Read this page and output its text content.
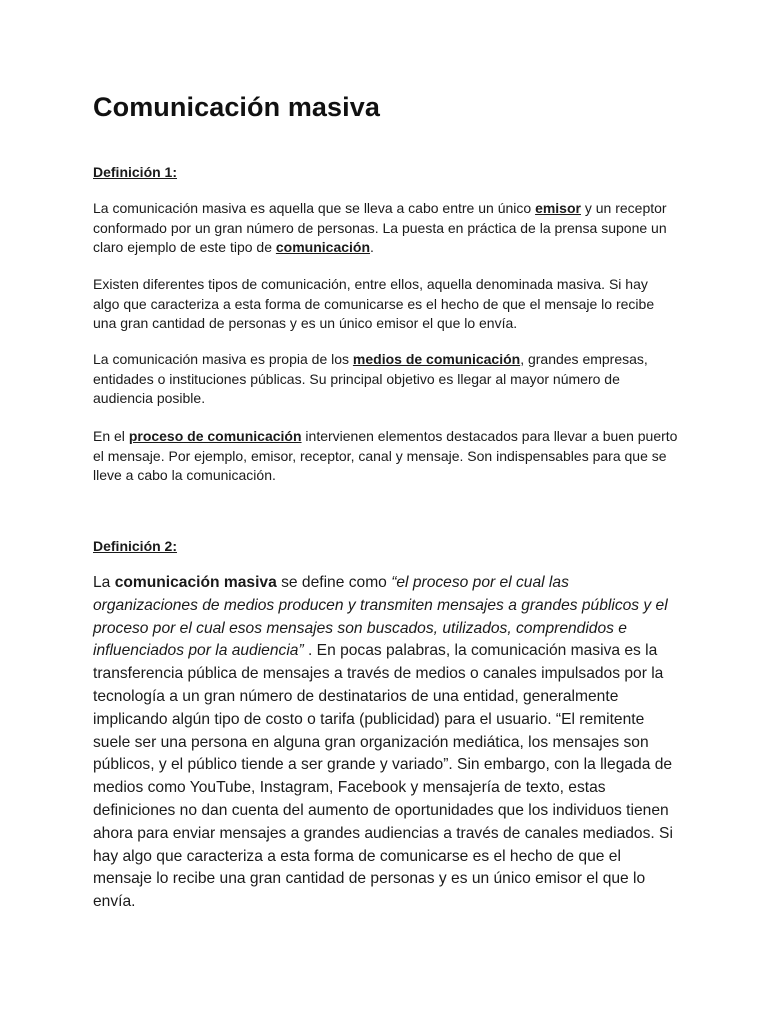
Comunicación masiva
Definición 1:

La comunicación masiva es aquella que se lleva a cabo entre un único emisor y un receptor conformado por un gran número de personas. La puesta en práctica de la prensa supone un claro ejemplo de este tipo de comunicación.

Existen diferentes tipos de comunicación, entre ellos, aquella denominada masiva. Si hay algo que caracteriza a esta forma de comunicarse es el hecho de que el mensaje lo recibe una gran cantidad de personas y es un único emisor el que lo envía.

La comunicación masiva es propia de los medios de comunicación, grandes empresas, entidades o instituciones públicas. Su principal objetivo es llegar al mayor número de audiencia posible.

En el proceso de comunicación intervienen elementos destacados para llevar a buen puerto el mensaje. Por ejemplo, emisor, receptor, canal y mensaje. Son indispensables para que se lleve a cabo la comunicación.

Definición 2:

La comunicación masiva se define como “el proceso por el cual las organizaciones de medios producen y transmiten mensajes a grandes públicos y el proceso por el cual esos mensajes son buscados, utilizados, comprendidos e influenciados por la audiencia” . En pocas palabras, la comunicación masiva es la transferencia pública de mensajes a través de medios o canales impulsados por la tecnología a un gran número de destinatarios de una entidad, generalmente implicando algún tipo de costo o tarifa (publicidad) para el usuario. “El remitente suele ser una persona en alguna gran organización mediática, los mensajes son públicos, y el público tiende a ser grande y variado”. Sin embargo, con la llegada de medios como YouTube, Instagram, Facebook y mensajería de texto, estas definiciones no dan cuenta del aumento de oportunidades que los individuos tienen ahora para enviar mensajes a grandes audiencias a través de canales mediados. Si hay algo que caracteriza a esta forma de comunicarse es el hecho de que el mensaje lo recibe una gran cantidad de personas y es un único emisor el que lo envía.
